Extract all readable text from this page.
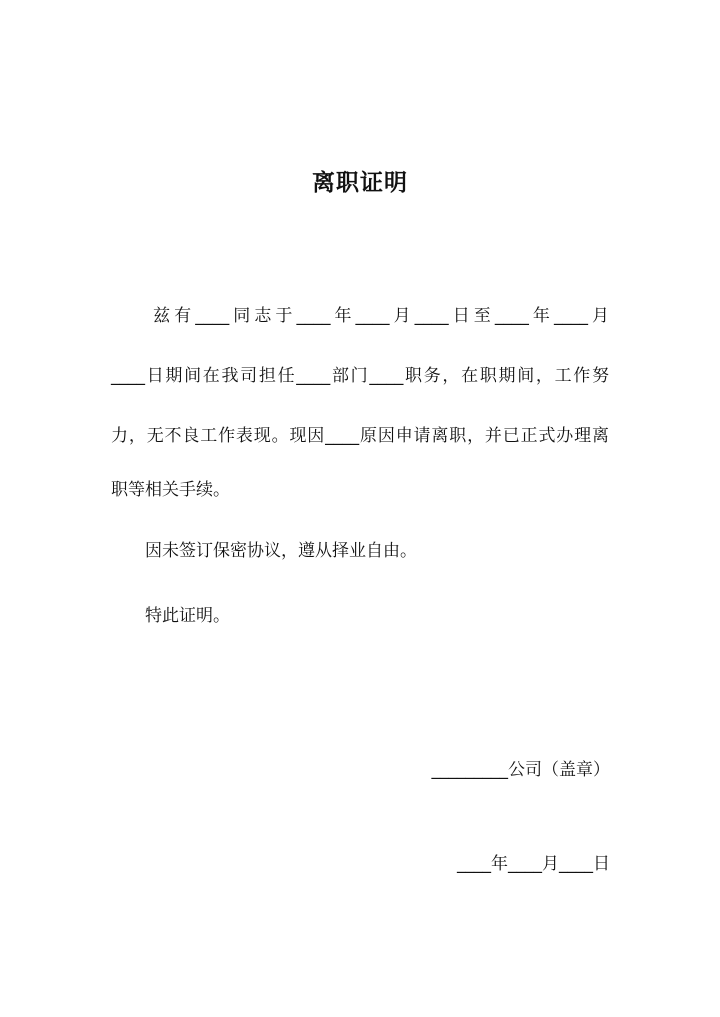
离职证明
　　兹有____同志于____年____月____日至____年____月
____日期间在我司担任____部门____职务，在职期间，工作努
力，无不良工作表现。现因____原因申请离职，并已正式办理离
职等相关手续。
　　因未签订保密协议，遵从择业自由。
　　特此证明。
_________公司（盖章）
____年____月____日
